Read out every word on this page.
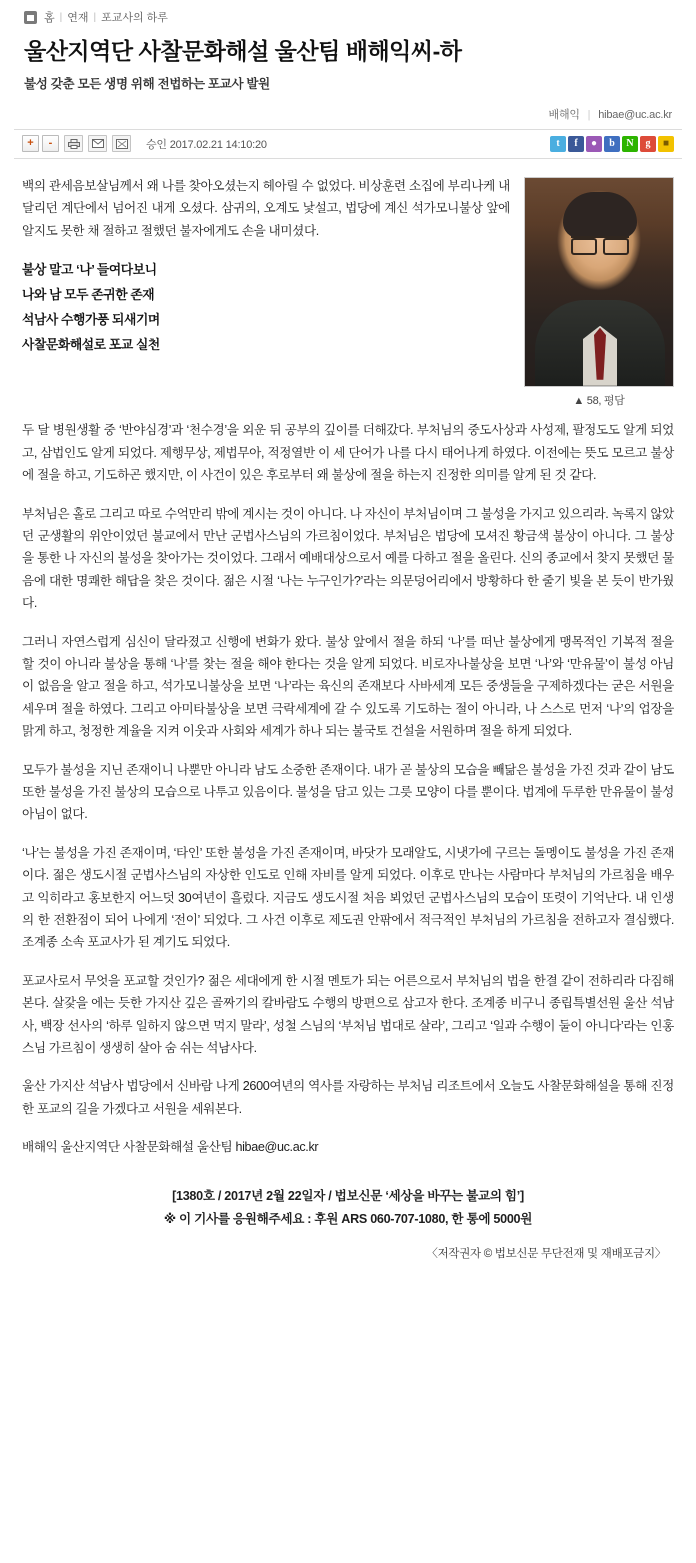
홈 | 연재 | 포교사의 하루
울산지역단 사찰문화해설 울산팀 배해익씨-하
불성 갖춘 모든 생명 위해 전법하는 포교사 발원
배해익 | hibae@uc.ac.kr
+	-	승인 2017.02.21 14:10:20	t	f	●	b	N	g	■
▲ 58, 평담

백의 관세음보살님께서 왜 나를 찾아오셨는지 헤아릴 수 없었다. 비상훈련 소집에 부리나케 내달리던 계단에서 넘어진 내게 오셨다. 삼귀의, 오계도 낯설고, 법당에 계신 석가모니불상 앞에 알지도 못한 채 절하고 절했던 불자에게도 손을 내미셨다.

불상 말고 ‘나’ 들여다보니
나와 남 모두 존귀한 존재
석남사 수행가풍 되새기며
사찰문화해설로 포교 실천

두 달 병원생활 중 ‘반야심경’과 ‘천수경’을 외운 뒤 공부의 깊이를 더해갔다. 부처님의 중도사상과 사성제, 팔정도도 알게 되었고, 삼법인도 알게 되었다. 제행무상, 제법무아, 적정열반 이 세 단어가 나를 다시 태어나게 하였다. 이전에는 뜻도 모르고 불상에 절을 하고, 기도하곤 했지만, 이 사건이 있은 후로부터 왜 불상에 절을 하는지 진정한 의미를 알게 된 것 같다.

부처님은 홀로 그리고 따로 수억만리 밖에 계시는 것이 아니다. 나 자신이 부처님이며 그 불성을 가지고 있으리라. 녹록지 않았던 군생활의 위안이었던 불교에서 만난 군법사스님의 가르침이었다. 부처님은 법당에 모셔진 황금색 불상이 아니다. 그 불상을 통한 나 자신의 불성을 찾아가는 것이었다. 그래서 예배대상으로서 예를 다하고 절을 올린다. 신의 종교에서 찾지 못했던 물음에 대한 명쾌한 해답을 찾은 것이다. 젊은 시절 ‘나는 누구인가?’라는 의문덩어리에서 방황하다 한 줄기 빛을 본 듯이 반가웠다.

그러니 자연스럽게 심신이 달라졌고 신행에 변화가 왔다. 불상 앞에서 절을 하되 ‘나’를 떠난 불상에게 맹목적인 기복적 절을 할 것이 아니라 불상을 통해 ‘나’를 찾는 절을 해야 한다는 것을 알게 되었다. 비로자나불상을 보면 ‘나’와 ‘만유물’이 불성 아님이 없음을 알고 절을 하고, 석가모니불상을 보면 ‘나’라는 육신의 존재보다 사바세계 모든 중생들을 구제하겠다는 굳은 서원을 세우며 절을 하였다. 그리고 아미타불상을 보면 극락세계에 갈 수 있도록 기도하는 절이 아니라, 나 스스로 먼저 ‘나’의 업장을 맑게 하고, 청정한 계율을 지켜 이웃과 사회와 세계가 하나 되는 불국토 건설을 서원하며 절을 하게 되었다.

모두가 불성을 지닌 존재이니 나뿐만 아니라 남도 소중한 존재이다. 내가 곧 불상의 모습을 빼닮은 불성을 가진 것과 같이 남도 또한 불성을 가진 불상의 모습으로 나투고 있음이다. 불성을 담고 있는 그릇 모양이 다를 뿐이다. 법계에 두루한 만유물이 불성 아님이 없다.

‘나’는 불성을 가진 존재이며, ‘타인’ 또한 불성을 가진 존재이며, 바닷가 모래알도, 시냇가에 구르는 돌멩이도 불성을 가진 존재이다. 젊은 생도시절 군법사스님의 자상한 인도로 인해 자비를 알게 되었다. 이후로 만나는 사람마다 부처님의 가르침을 배우고 익히라고 홍보한지 어느덧 30여년이 흘렀다. 지금도 생도시절 처음 뵈었던 군법사스님의 모습이 또렷이 기억난다. 내 인생의 한 전환점이 되어 나에게 ‘전이’ 되었다. 그 사건 이후로 제도권 안팎에서 적극적인 부처님의 가르침을 전하고자 결심했다. 조계종 소속 포교사가 된 계기도 되었다.

포교사로서 무엇을 포교할 것인가? 젊은 세대에게 한 시절 멘토가 되는 어른으로서 부처님의 법을 한결 같이 전하리라 다짐해본다. 살갗을 에는 듯한 가지산 깊은 골짜기의 칼바람도 수행의 방편으로 삼고자 한다. 조계종 비구니 종립특별선원 울산 석남사, 백장 선사의 ‘하루 일하지 않으면 먹지 말라’, 성철 스님의 ‘부처님 법대로 살라’, 그리고 ‘일과 수행이 둘이 아니다’라는 인홍 스님 가르침이 생생히 살아 숨 쉬는 석남사다.

울산 가지산 석남사 법당에서 신바람 나게 2600여년의 역사를 자랑하는 부처님 리조트에서 오늘도 사찰문화해설을 통해 진정한 포교의 길을 가겠다고 서원을 세워본다.

배해익 울산지역단 사찰문화해설 울산팀 hibae@uc.ac.kr

[1380호 / 2017년 2월 22일자 / 법보신문 ‘세상을 바꾸는 불교의 힘’]
※ 이 기사를 응원해주세요 : 후원 ARS 060-707-1080, 한 통에 5000원
〈저작권자 © 법보신문 무단전재 및 재배포금지〉
